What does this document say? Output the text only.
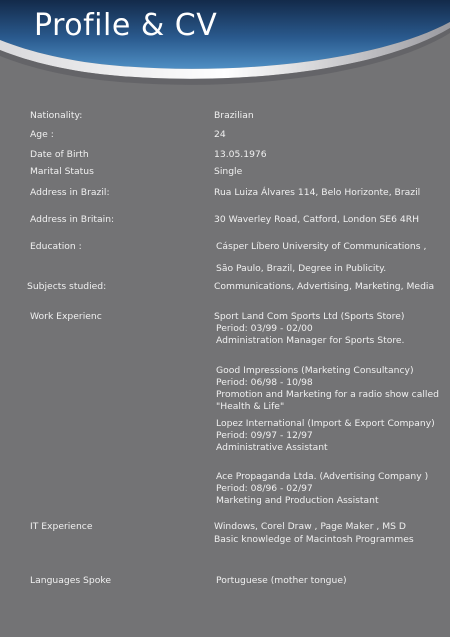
Profile & CV
Nationality:	Brazilian
Age :	24
Date of Birth	13.05.1976
Marital Status	Single
Address in Brazil:	Rua Luiza Álvares 114, Belo Horizonte, Brazil
Address in Britain:	30 Waverley Road, Catford, London SE6 4RH
Education :	Cásper Líbero University of Communications ,
São Paulo, Brazil, Degree in Publicity.
Subjects studied:	Communications, Advertising, Marketing, Media
Work Experienc	Sport Land Com Sports Ltd (Sports Store)
Period: 03/99 - 02/00
Administration Manager for Sports Store.
Good Impressions (Marketing Consultancy)
Period: 06/98 - 10/98
Promotion and Marketing for a radio show called
"Health & Life"
Lopez International (Import & Export Company)
Period: 09/97 - 12/97
Administrative Assistant
Ace Propaganda Ltda. (Advertising Company )
Period: 08/96 - 02/97
Marketing and Production Assistant
IT Experience	Windows, Corel Draw , Page Maker , MS D
Basic knowledge of Macintosh Programmes
Languages Spoke	Portuguese (mother tongue)
